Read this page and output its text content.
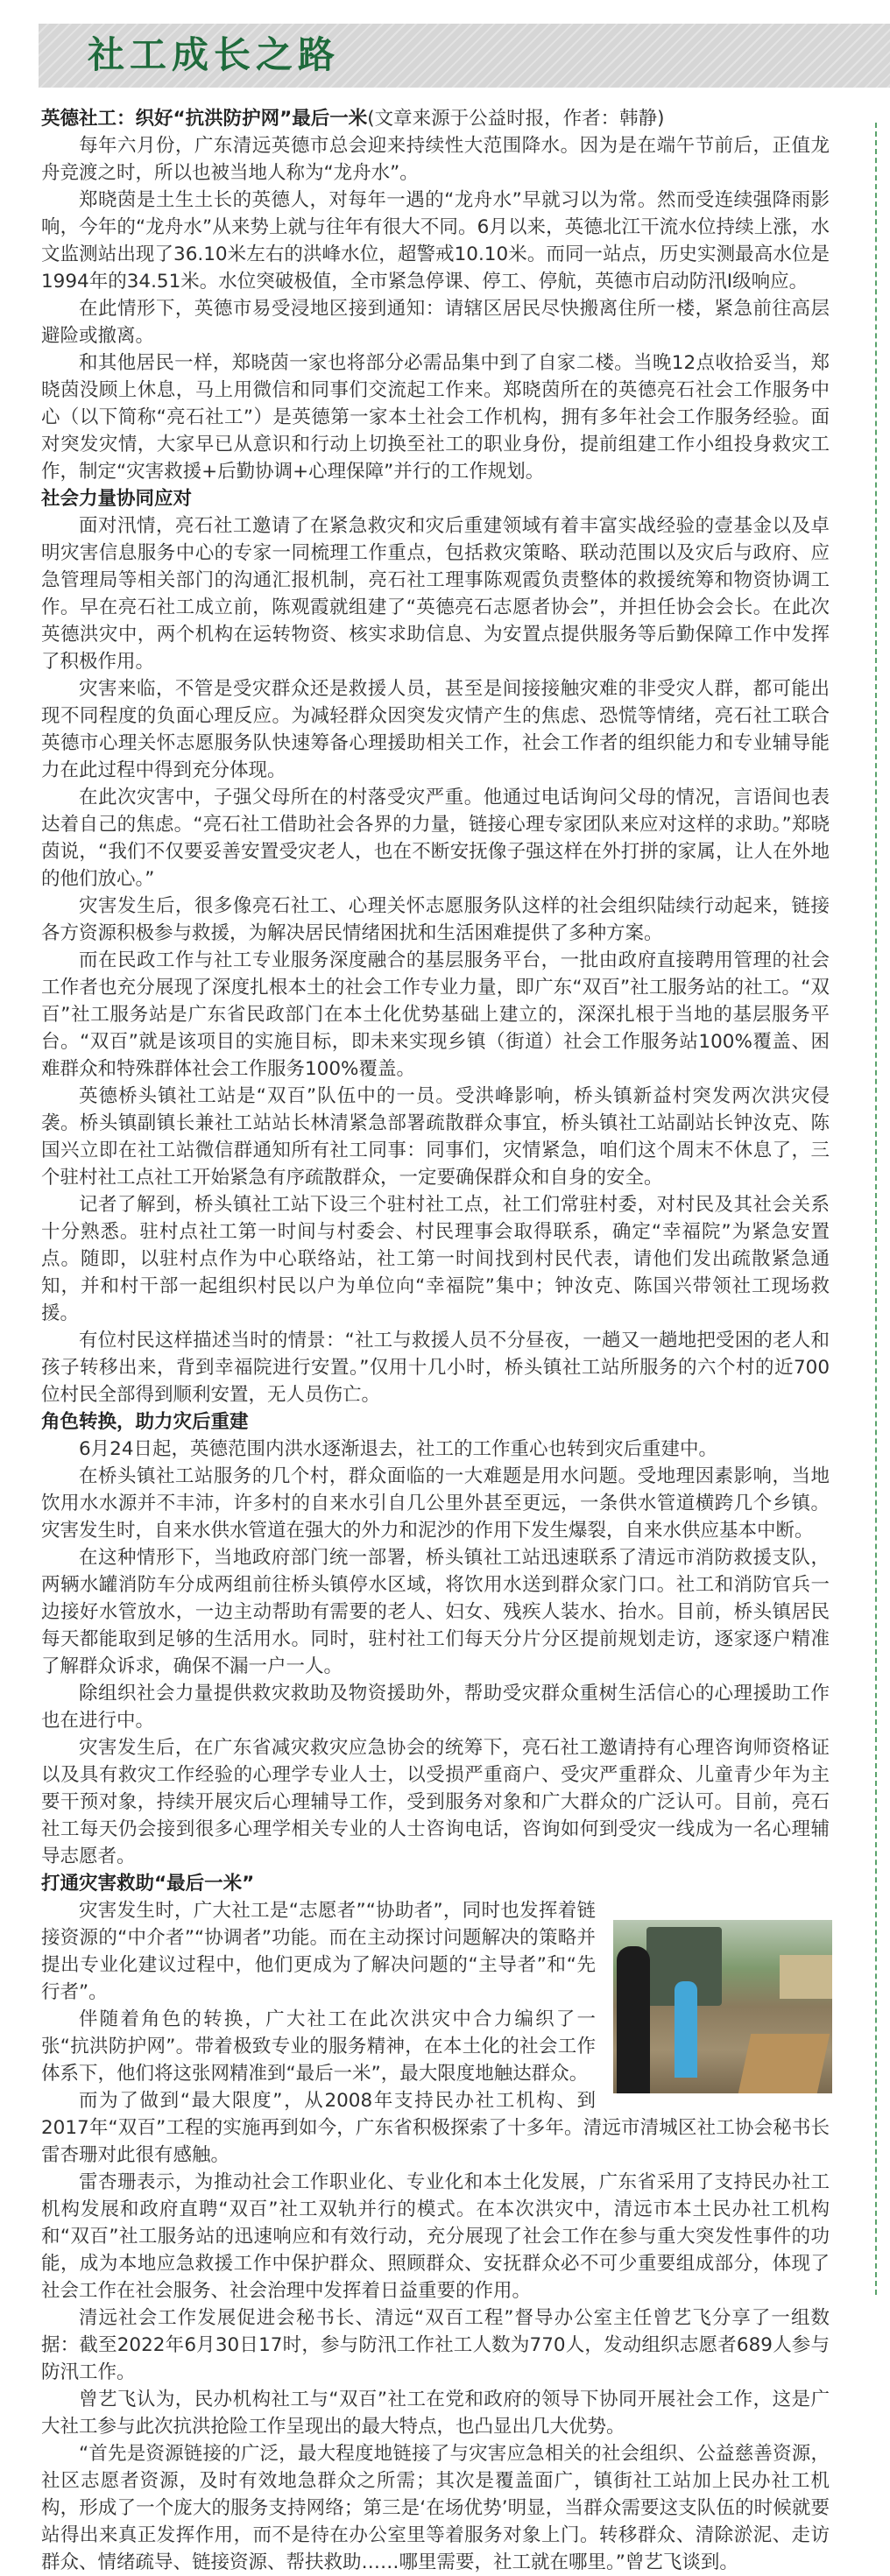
社工成长之路
英德社工：织好“抗洪防护网”最后一米(文章来源于公益时报，作者：韩静)

每年六月份，广东清远英德市总会迎来持续性大范围降水。因为是在端午节前后，正值龙舟竞渡之时，所以也被当地人称为“龙舟水”。

郑晓茵是土生土长的英德人，对每年一遇的“龙舟水”早就习以为常。然而受连续强降雨影响，今年的“龙舟水”从来势上就与往年有很大不同。6月以来，英德北江干流水位持续上涨，水文监测站出现了36.10米左右的洪峰水位，超警戒10.10米。而同一站点，历史实测最高水位是1994年的34.51米。水位突破极值，全市紧急停课、停工、停航，英德市启动防汛Ⅰ级响应。

在此情形下，英德市易受浸地区接到通知：请辖区居民尽快搬离住所一楼，紧急前往高层避险或撤离。

和其他居民一样，郑晓茵一家也将部分必需品集中到了自家二楼。当晚12点收拾妥当，郑晓茵没顾上休息，马上用微信和同事们交流起工作来。郑晓茵所在的英德亮石社会工作服务中心（以下简称“亮石社工”）是英德第一家本土社会工作机构，拥有多年社会工作服务经验。面对突发灾情，大家早已从意识和行动上切换至社工的职业身份，提前组建工作小组投身救灾工作，制定“灾害救援+后勤协调+心理保障”并行的工作规划。

社会力量协同应对

面对汛情，亮石社工邀请了在紧急救灾和灾后重建领域有着丰富实战经验的壹基金以及卓明灾害信息服务中心的专家一同梳理工作重点，包括救灾策略、联动范围以及灾后与政府、应急管理局等相关部门的沟通汇报机制，亮石社工理事陈观霞负责整体的救援统筹和物资协调工作。早在亮石社工成立前，陈观霞就组建了“英德亮石志愿者协会”，并担任协会会长。在此次英德洪灾中，两个机构在运转物资、核实求助信息、为安置点提供服务等后勤保障工作中发挥了积极作用。

灾害来临，不管是受灾群众还是救援人员，甚至是间接接触灾难的非受灾人群，都可能出现不同程度的负面心理反应。为减轻群众因突发灾情产生的焦虑、恐慌等情绪，亮石社工联合英德市心理关怀志愿服务队快速筹备心理援助相关工作，社会工作者的组织能力和专业辅导能力在此过程中得到充分体现。

在此次灾害中，子强父母所在的村落受灾严重。他通过电话询问父母的情况，言语间也表达着自己的焦虑。“亮石社工借助社会各界的力量，链接心理专家团队来应对这样的求助。”郑晓茵说，“我们不仅要妥善安置受灾老人，也在不断安抚像子强这样在外打拼的家属，让人在外地的他们放心。”

灾害发生后，很多像亮石社工、心理关怀志愿服务队这样的社会组织陆续行动起来，链接各方资源积极参与救援，为解决居民情绪困扰和生活困难提供了多种方案。

而在民政工作与社工专业服务深度融合的基层服务平台，一批由政府直接聘用管理的社会工作者也充分展现了深度扎根本土的社会工作专业力量，即广东“双百”社工服务站的社工。“双百”社工服务站是广东省民政部门在本土化优势基础上建立的，深深扎根于当地的基层服务平台。“双百”就是该项目的实施目标，即未来实现乡镇（街道）社会工作服务站100%覆盖、困难群众和特殊群体社会工作服务100%覆盖。

英德桥头镇社工站是“双百”队伍中的一员。受洪峰影响，桥头镇新益村突发两次洪灾侵袭。桥头镇副镇长兼社工站站长林清紧急部署疏散群众事宜，桥头镇社工站副站长钟汝克、陈国兴立即在社工站微信群通知所有社工同事：同事们，灾情紧急，咱们这个周末不休息了，三个驻村社工点社工开始紧急有序疏散群众，一定要确保群众和自身的安全。

记者了解到，桥头镇社工站下设三个驻村社工点，社工们常驻村委，对村民及其社会关系十分熟悉。驻村点社工第一时间与村委会、村民理事会取得联系，确定“幸福院”为紧急安置点。随即，以驻村点作为中心联络站，社工第一时间找到村民代表，请他们发出疏散紧急通知，并和村干部一起组织村民以户为单位向“幸福院”集中；钟汝克、陈国兴带领社工现场救援。

有位村民这样描述当时的情景：“社工与救援人员不分昼夜，一趟又一趟地把受困的老人和孩子转移出来，背到幸福院进行安置。”仅用十几小时，桥头镇社工站所服务的六个村的近700位村民全部得到顺利安置，无人员伤亡。

角色转换，助力灾后重建

6月24日起，英德范围内洪水逐渐退去，社工的工作重心也转到灾后重建中。

在桥头镇社工站服务的几个村，群众面临的一大难题是用水问题。受地理因素影响，当地饮用水水源并不丰沛，许多村的自来水引自几公里外甚至更远，一条供水管道横跨几个乡镇。灾害发生时，自来水供水管道在强大的外力和泥沙的作用下发生爆裂，自来水供应基本中断。

在这种情形下，当地政府部门统一部署，桥头镇社工站迅速联系了清远市消防救援支队，两辆水罐消防车分成两组前往桥头镇停水区域，将饮用水送到群众家门口。社工和消防官兵一边接好水管放水，一边主动帮助有需要的老人、妇女、残疾人装水、抬水。目前，桥头镇居民每天都能取到足够的生活用水。同时，驻村社工们每天分片分区提前规划走访，逐家逐户精准了解群众诉求，确保不漏一户一人。

除组织社会力量提供救灾救助及物资援助外，帮助受灾群众重树生活信心的心理援助工作也在进行中。

灾害发生后，在广东省减灾救灾应急协会的统筹下，亮石社工邀请持有心理咨询师资格证以及具有救灾工作经验的心理学专业人士，以受损严重商户、受灾严重群众、儿童青少年为主要干预对象，持续开展灾后心理辅导工作，受到服务对象和广大群众的广泛认可。目前，亮石社工每天仍会接到很多心理学相关专业的人士咨询电话，咨询如何到受灾一线成为一名心理辅导志愿者。

打通灾害救助“最后一米”

灾害发生时，广大社工是“志愿者”“协助者”，同时也发挥着链接资源的“中介者”“协调者”功能。而在主动探讨问题解决的策略并提出专业化建议过程中，他们更成为了解决问题的“主导者”和“先行者”。

伴随着角色的转换，广大社工在此次洪灾中合力编织了一张“抗洪防护网”。带着极致专业的服务精神，在本土化的社会工作体系下，他们将这张网精准到“最后一米”，最大限度地触达群众。

而为了做到“最大限度”，从2008年支持民办社工机构、到2017年“双百”工程的实施再到如今，广东省积极探索了十多年。清远市清城区社工协会秘书长雷杏珊对此很有感触。

雷杏珊表示，为推动社会工作职业化、专业化和本土化发展，广东省采用了支持民办社工机构发展和政府直聘“双百”社工双轨并行的模式。在本次洪灾中，清远市本土民办社工机构和“双百”社工服务站的迅速响应和有效行动，充分展现了社会工作在参与重大突发性事件的功能，成为本地应急救援工作中保护群众、照顾群众、安抚群众必不可少重要组成部分，体现了社会工作在社会服务、社会治理中发挥着日益重要的作用。

清远社会工作发展促进会秘书长、清远“双百工程”督导办公室主任曾艺飞分享了一组数据：截至2022年6月30日17时，参与防汛工作社工人数为770人，发动组织志愿者689人参与防汛工作。

曾艺飞认为，民办机构社工与“双百”社工在党和政府的领导下协同开展社会工作，这是广大社工参与此次抗洪抢险工作呈现出的最大特点，也凸显出几大优势。

“首先是资源链接的广泛，最大程度地链接了与灾害应急相关的社会组织、公益慈善资源，社区志愿者资源，及时有效地急群众之所需；其次是覆盖面广，镇街社工站加上民办社工机构，形成了一个庞大的服务支持网络；第三是‘在场优势’明显，当群众需要这支队伍的时候就要站得出来真正发挥作用，而不是待在办公室里等着服务对象上门。转移群众、清除淤泥、走访群众、情绪疏导、链接资源、帮扶救助……哪里需要，社工就在哪里。”曾艺飞谈到。
